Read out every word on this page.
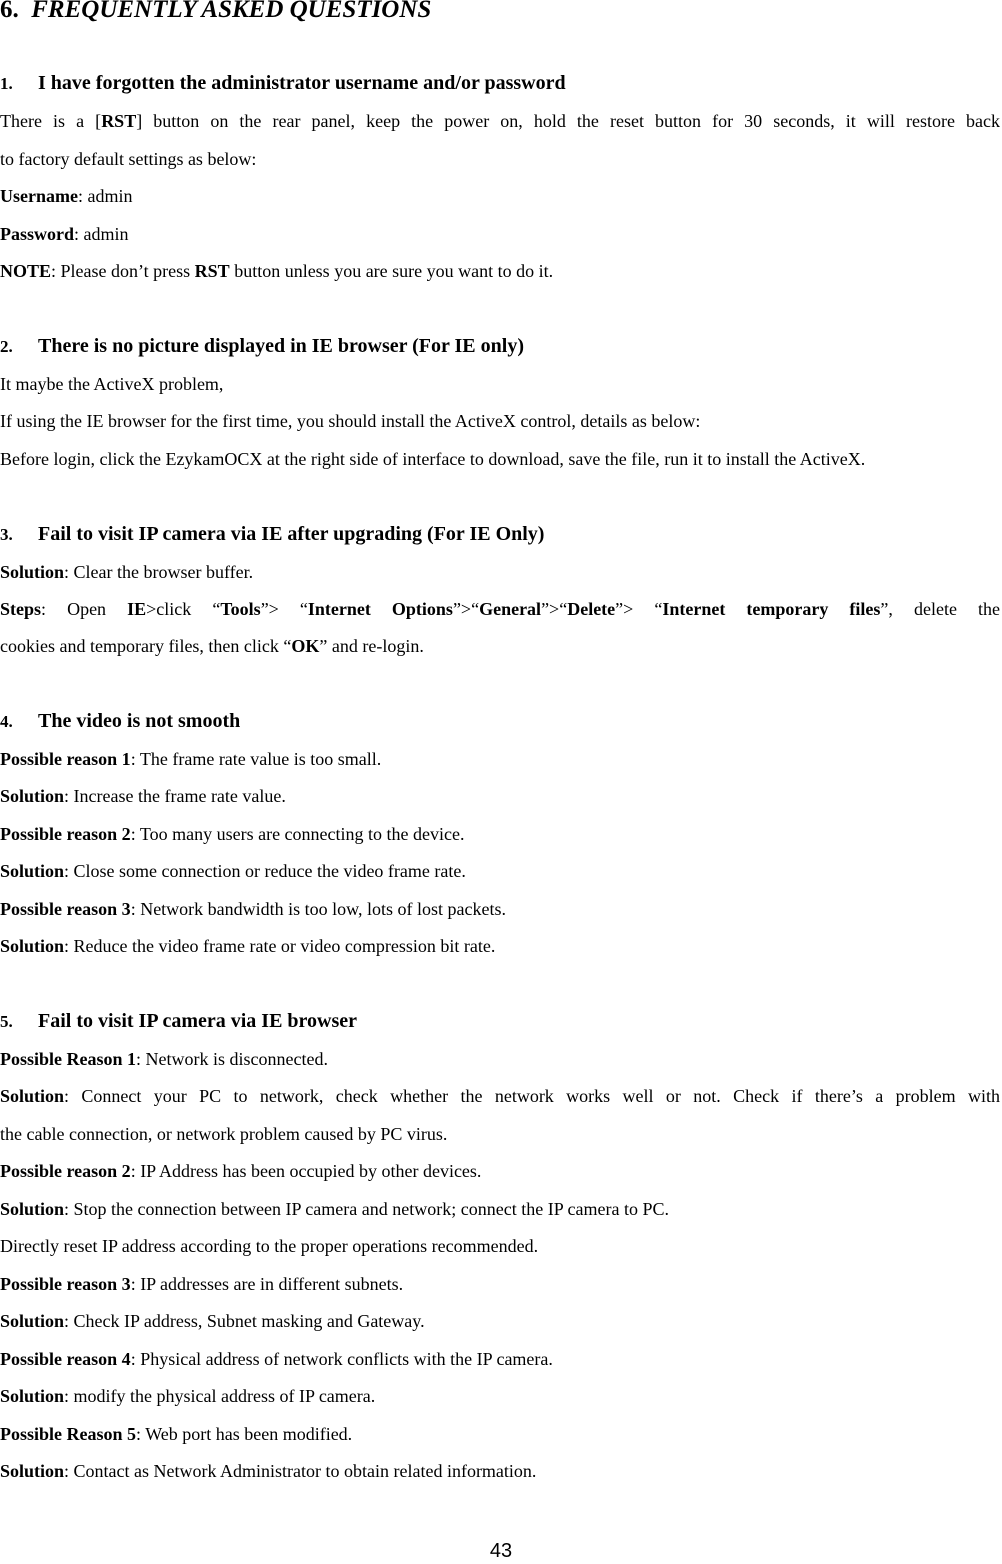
6. FREQUENTLY ASKED QUESTIONS
1. I have forgotten the administrator username and/or password
There is a [RST] button on the rear panel, keep the power on, hold the reset button for 30 seconds, it will restore back
to factory default settings as below:
Username: admin
Password: admin
NOTE: Please don’t press RST button unless you are sure you want to do it.
2. There is no picture displayed in IE browser (For IE only)
It maybe the ActiveX problem,
If using the IE browser for the first time, you should install the ActiveX control, details as below:
Before login, click the EzykamOCX at the right side of interface to download, save the file, run it to install the ActiveX.
3. Fail to visit IP camera via IE after upgrading (For IE Only)
Solution: Clear the browser buffer.
Steps: Open IE>click “Tools”> “Internet Options”>“General”>“Delete”> “Internet temporary files”, delete the
cookies and temporary files, then click “OK” and re-login.
4. The video is not smooth
Possible reason 1: The frame rate value is too small.
Solution: Increase the frame rate value.
Possible reason 2: Too many users are connecting to the device.
Solution: Close some connection or reduce the video frame rate.
Possible reason 3: Network bandwidth is too low, lots of lost packets.
Solution: Reduce the video frame rate or video compression bit rate.
5. Fail to visit IP camera via IE browser
Possible Reason 1: Network is disconnected.
Solution: Connect your PC to network, check whether the network works well or not. Check if there’s a problem with
the cable connection, or network problem caused by PC virus.
Possible reason 2: IP Address has been occupied by other devices.
Solution: Stop the connection between IP camera and network; connect the IP camera to PC.
Directly reset IP address according to the proper operations recommended.
Possible reason 3: IP addresses are in different subnets.
Solution: Check IP address, Subnet masking and Gateway.
Possible reason 4: Physical address of network conflicts with the IP camera.
Solution: modify the physical address of IP camera.
Possible Reason 5: Web port has been modified.
Solution: Contact as Network Administrator to obtain related information.
43
